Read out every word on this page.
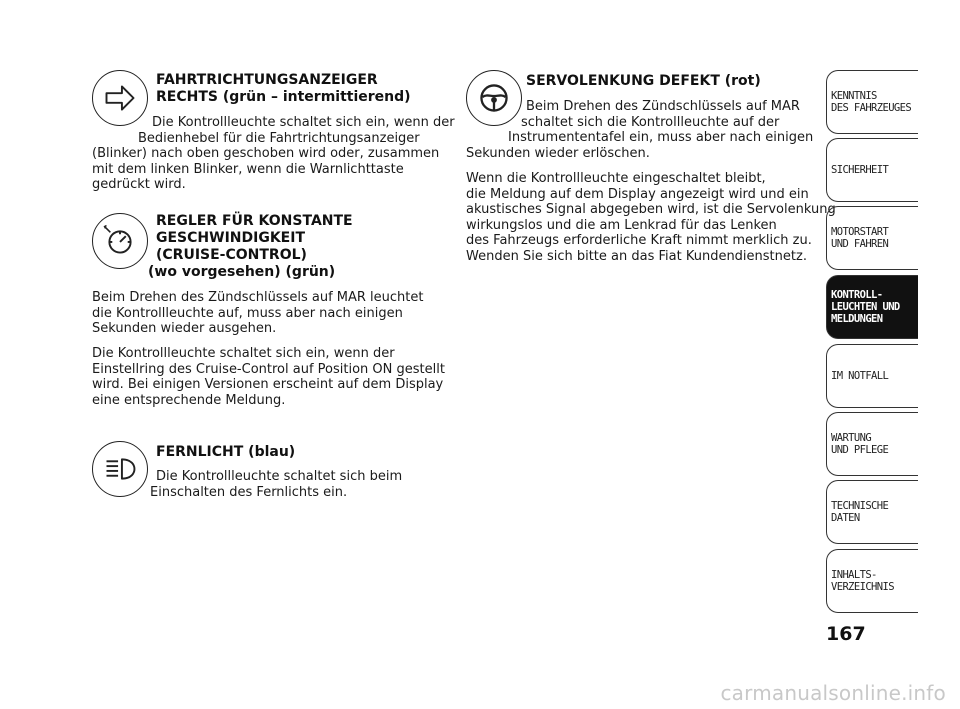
FAHRTRICHTUNGSANZEIGER
RECHTS (grün – intermittierend)
Die Kontrollleuchte schaltet sich ein, wenn der
Bedienhebel für die Fahrtrichtungsanzeiger
(Blinker) nach oben geschoben wird oder, zusammen
mit dem linken Blinker, wenn die Warnlichttaste
gedrückt wird.
REGLER FÜR KONSTANTE
GESCHWINDIGKEIT
(CRUISE-CONTROL)
(wo vorgesehen) (grün)
Beim Drehen des Zündschlüssels auf MAR leuchtet
die Kontrollleuchte auf, muss aber nach einigen
Sekunden wieder ausgehen.
Die Kontrollleuchte schaltet sich ein, wenn der
Einstellring des Cruise-Control auf Position ON gestellt
wird. Bei einigen Versionen erscheint auf dem Display
eine entsprechende Meldung.
FERNLICHT (blau)
Die Kontrollleuchte schaltet sich beim
Einschalten des Fernlichts ein.
SERVOLENKUNG DEFEKT (rot)
Beim Drehen des Zündschlüssels auf MAR
schaltet sich die Kontrollleuchte auf der
Instrumententafel ein, muss aber nach einigen
Sekunden wieder erlöschen.
Wenn die Kontrollleuchte eingeschaltet bleibt,
die Meldung auf dem Display angezeigt wird und ein
akustisches Signal abgegeben wird, ist die Servolenkung
wirkungslos und die am Lenkrad für das Lenken
des Fahrzeugs erforderliche Kraft nimmt merklich zu.
Wenden Sie sich bitte an das Fiat Kundendienstnetz.
KENNTNIS
DES FAHRZEUGES
SICHERHEIT
MOTORSTART
UND FAHREN
KONTROLL-
LEUCHTEN UND
MELDUNGEN
IM NOTFALL
WARTUNG
UND PFLEGE
TECHNISCHE
DATEN
INHALTS-
VERZEICHNIS
167
carmanualsonline.info
